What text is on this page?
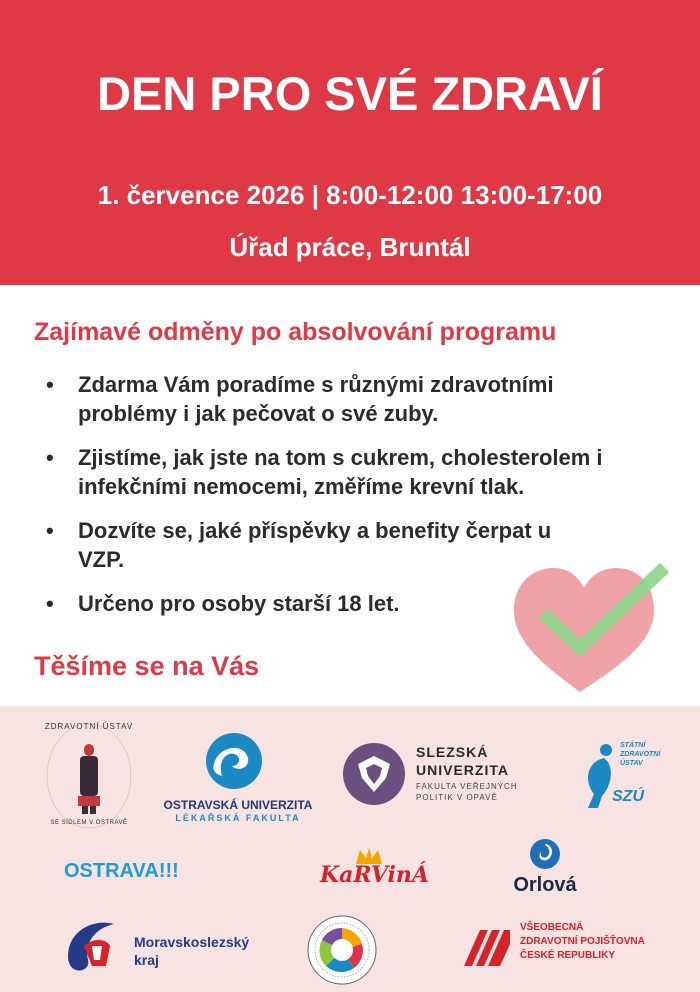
DEN PRO SVÉ ZDRAVÍ
1. července 2026 | 8:00-12:00 13:00-17:00
Úřad práce, Bruntál
Zajímavé odměny po absolvování programu
• Zdarma Vám poradíme s různými zdravotními problémy i jak pečovat o své zuby.
• Zjistíme, jak jste na tom s cukrem, cholesterolem i infekčními nemocemi, změříme krevní tlak.
• Dozvíte se, jaké příspěvky a benefity čerpat u VZP.
• Určeno pro osoby starší 18 let.
Těšíme se na Vás
ZDRAVOTNÍ ÚSTAV
SE SÍDLEM V OSTRAVĚ
OSTRAVSKÁ UNIVERZITA
LÉKAŘSKÁ FAKULTA
SLEZSKÁ
UNIVERZITA
FAKULTA VEŘEJNÝCH
POLITIK V OPAVĚ
STÁTNÍ
ZDRAVOTNÍ
ÚSTAV
SZÚ
OSTRAVA!!!	KaRVinÁ	Orlová
Moravskoslezský
kraj
VŠEOBECNÁ
ZDRAVOTNÍ POJIŠŤOVNA
ČESKÉ REPUBLIKY
